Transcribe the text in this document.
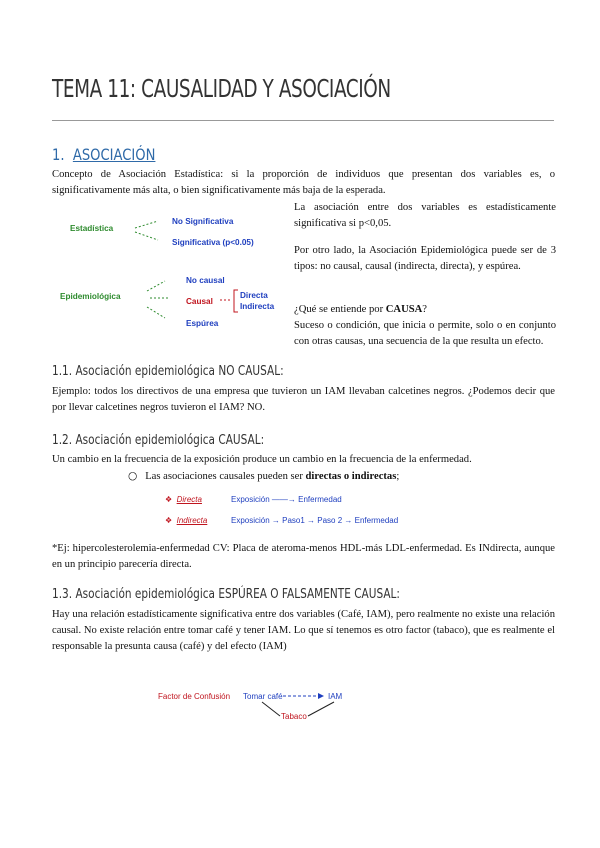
TEMA 11: CAUSALIDAD Y ASOCIACIÓN
1. ASOCIACIÓN
Concepto de Asociación Estadística: si la proporción de individuos que presentan dos variables es, o significativamente más alta, o bien significativamente más baja de la esperada.
Estadística
No Significativa
Significativa (p<0.05)
Epidemiológica
No causal
Causal
Espúrea
Directa
Indirecta
La asociación entre dos variables es estadísticamente significativa si p<0,05.
Por otro lado, la Asociación Epidemiológica puede ser de 3 tipos: no causal, causal (indirecta, directa), y espúrea.
¿Qué se entiende por CAUSA?
Suceso o condición, que inicia o permite, solo o en conjunto con otras causas, una secuencia de la que resulta un efecto.
1.1. Asociación epidemiológica NO CAUSAL:
Ejemplo: todos los directivos de una empresa que tuvieron un IAM llevaban calcetines negros. ¿Podemos decir que por llevar calcetines negros tuvieron el IAM? NO.
1.2. Asociación epidemiológica CAUSAL:
Un cambio en la frecuencia de la exposición produce un cambio en la frecuencia de la enfermedad.
○ Las asociaciones causales pueden ser directas o indirectas;
❖ Directa	Exposición ——→ Enfermedad
❖ Indirecta	Exposición → Paso1 → Paso 2 → Enfermedad
*Ej: hipercolesterolemia-enfermedad CV: Placa de ateroma-menos HDL-más LDL-enfermedad. Es INdirecta, aunque en un principio parecería directa.
1.3. Asociación epidemiológica ESPÚREA O FALSAMENTE CAUSAL:
Hay una relación estadísticamente significativa entre dos variables (Café, IAM), pero realmente no existe una relación causal. No existe relación entre tomar café y tener IAM. Lo que sí tenemos es otro factor (tabaco), que es realmente el responsable la presunta causa (café) y del efecto (IAM)
Factor de Confusión Tomar café	IAM
Tabaco
